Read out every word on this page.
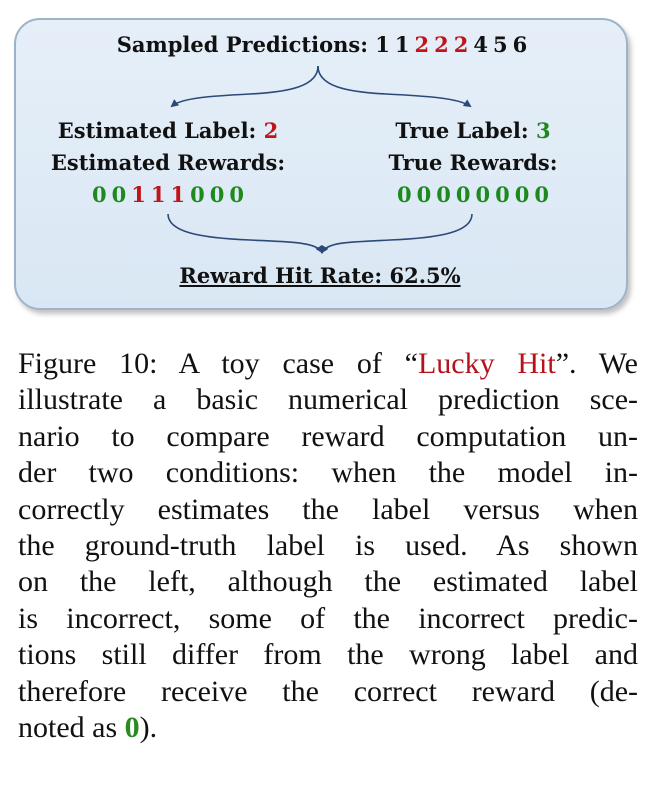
Sampled Predictions: 1 1 2 2 2 4 5 6
Estimated Label: 2
Estimated Rewards:
0 0 1 1 1 0 0 0
True Label: 3
True Rewards:
0 0 0 0 0 0 0 0
Reward Hit Rate: 62.5%
Figure 10: A toy case of “Lucky Hit”. We
illustrate a basic numerical prediction sce-
nario to compare reward computation un-
der two conditions: when the model in-
correctly estimates the label versus when
the ground-truth label is used. As shown
on the left, although the estimated label
is incorrect, some of the incorrect predic-
tions still differ from the wrong label and
therefore receive the correct reward (de-
noted as 0).
